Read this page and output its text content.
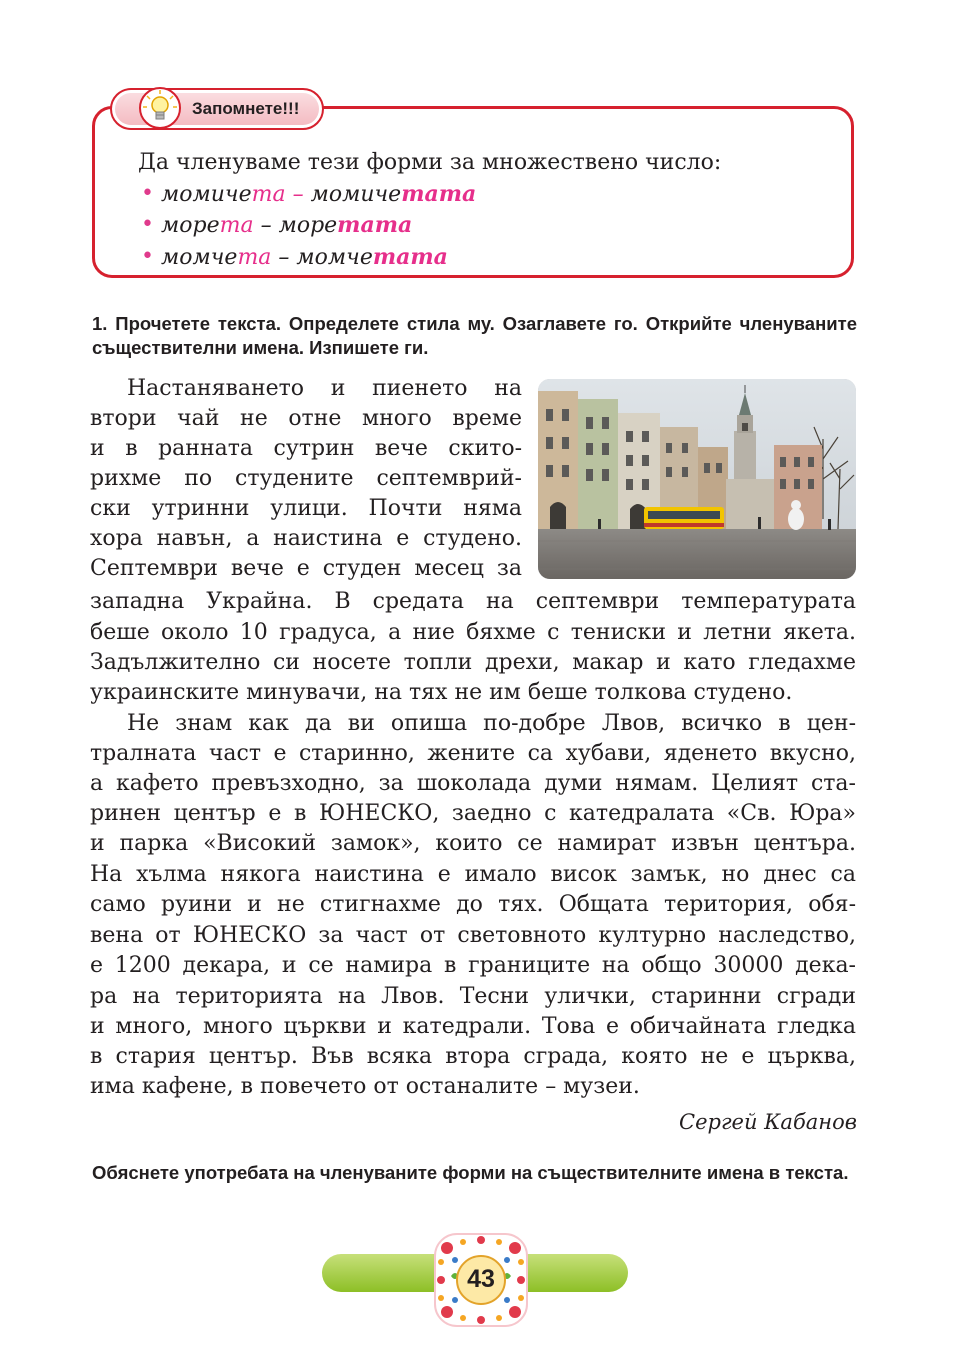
Запомнете!!!

Да членуваме тези форми за множествено число:

• момичета – момичетата
• морета – моретата
• момчета – момчетата

1. Прочетете текста. Определете стила му. Озаглавете го. Открийте членуваните съществителни имена. Изпишете ги.

Настаняването и пиенето на
втори чай не отне много време
и в ранната сутрин вече скито-
рихме по студените септемврий-
ски утринни улици. Почти няма
хора навън, а наистина е студено.
Септември вече е студен месец за
западна Украйна. В средата на септември температурата
беше около 10 градуса, а ние бяхме с тениски и летни якета.
Задължително си носете топли дрехи, макар и като гледахме
украинските минувачи, на тях не им беше толкова студено.
Не знам как да ви опиша по-добре Лвов, всичко в цен-
тралната част е старинно, жените са хубави, яденето вкусно,
а кафето превъзходно, за шоколада думи нямам. Целият ста-
ринен център е в ЮНЕСКО, заедно с катедралата «Св. Юра»
и парка «Високий замок», които се намират извън центъра.
На хълма някога наистина е имало висок замък, но днес са
само руини и не стигнахме до тях. Общата територия, обя-
вена от ЮНЕСКО за част от световното културно наследство,
е 1200 декара, и се намира в границите на общо 30000 дека-
ра на територията на Лвов. Тесни улички, старинни сгради
и много, много църкви и катедрали. Това е обичайната гледка
в стария център. Във всяка втора сграда, която не е църква,
има кафене, в повечето от останалите – музеи.
Сергей Кабанов

Обяснете употребата на членуваните форми на съществителните имена в текста.

43
